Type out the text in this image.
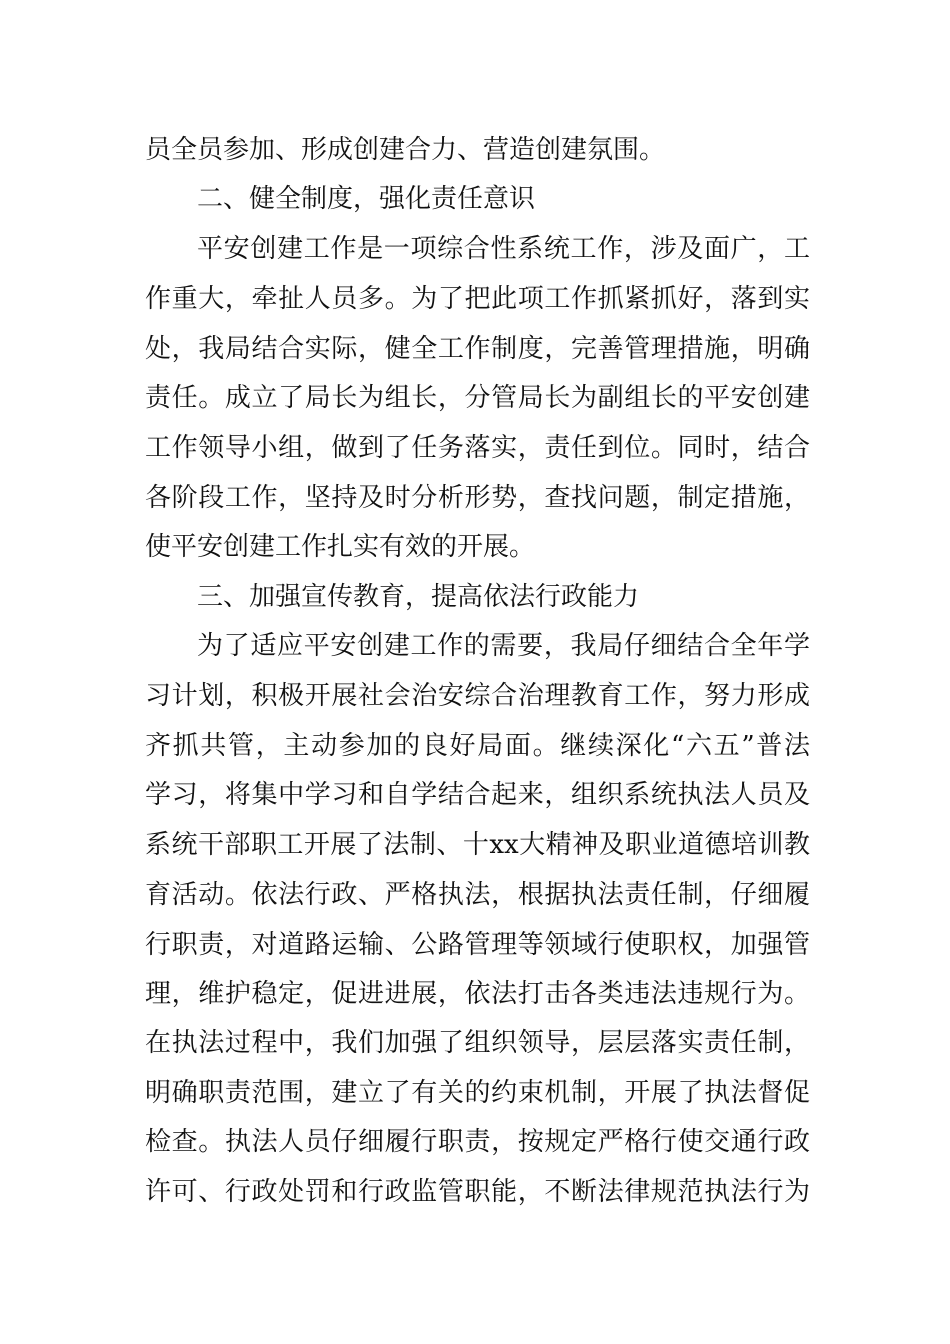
员全员参加、形成创建合力、营造创建氛围。
二、健全制度，强化责任意识
平安创建工作是一项综合性系统工作，涉及面广，工
作重大，牵扯人员多。为了把此项工作抓紧抓好，落到实
处，我局结合实际，健全工作制度，完善管理措施，明确
责任。成立了局长为组长，分管局长为副组长的平安创建
工作领导小组，做到了任务落实，责任到位。同时，结合
各阶段工作，坚持及时分析形势，查找问题，制定措施，
使平安创建工作扎实有效的开展。
三、加强宣传教育，提高依法行政能力
为了适应平安创建工作的需要，我局仔细结合全年学
习计划，积极开展社会治安综合治理教育工作，努力形成
齐抓共管，主动参加的良好局面。继续深化“六五”普法
学习，将集中学习和自学结合起来，组织系统执法人员及
系统干部职工开展了法制、十xx大精神及职业道德培训教
育活动。依法行政、严格执法，根据执法责任制，仔细履
行职责，对道路运输、公路管理等领域行使职权，加强管
理，维护稳定，促进进展，依法打击各类违法违规行为。
在执法过程中，我们加强了组织领导，层层落实责任制，
明确职责范围，建立了有关的约束机制，开展了执法督促
检查。执法人员仔细履行职责，按规定严格行使交通行政
许可、行政处罚和行政监管职能，不断法律规范执法行为
